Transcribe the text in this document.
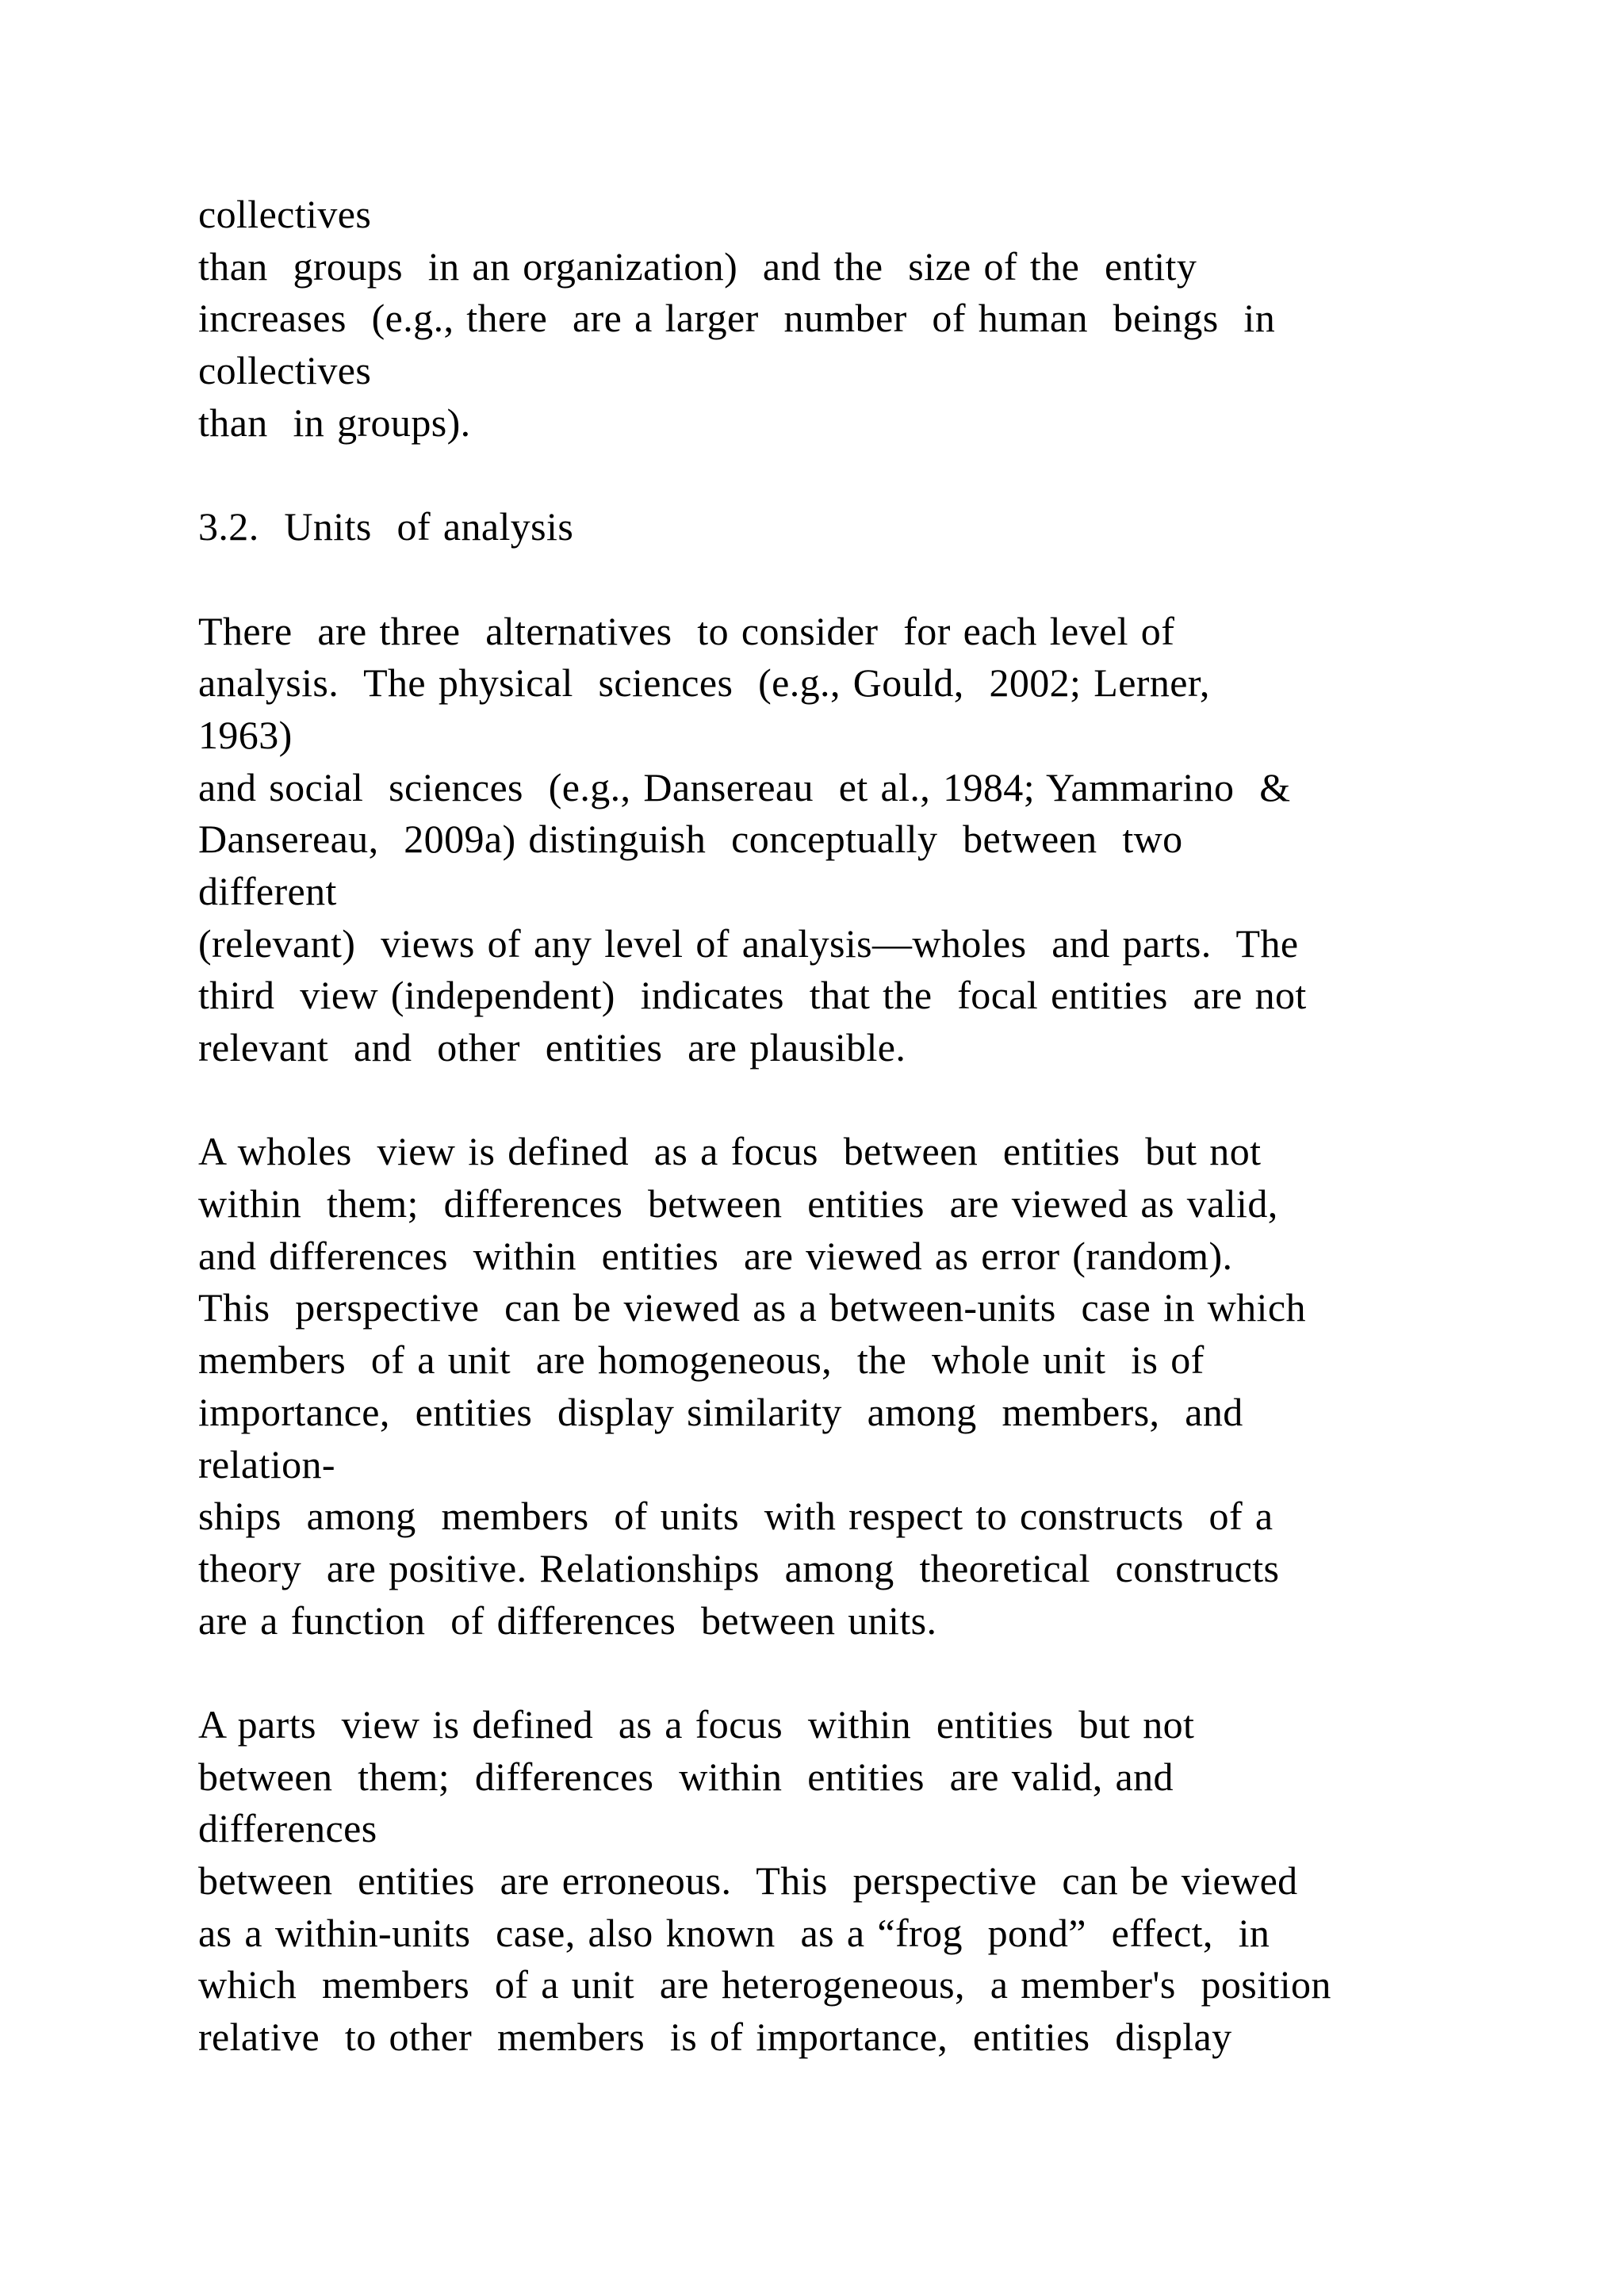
collectives
than  groups  in an organization)  and the  size of the  entity
increases  (e.g., there  are a larger  number  of human  beings  in
collectives
than  in groups).
3.2.  Units  of analysis
There  are three  alternatives  to consider  for each level of
analysis.  The physical  sciences  (e.g., Gould,  2002; Lerner,
1963)
and social  sciences  (e.g., Dansereau  et al., 1984; Yammarino  &
Dansereau,  2009a) distinguish  conceptually  between  two
different
(relevant)  views of any level of analysis—wholes  and parts.  The
third  view (independent)  indicates  that the  focal entities  are not
relevant  and  other  entities  are plausible.
A wholes  view is defined  as a focus  between  entities  but not
within  them;  differences  between  entities  are viewed as valid,
and differences  within  entities  are viewed as error (random).
This  perspective  can be viewed as a between-units  case in which
members  of a unit  are homogeneous,  the  whole unit  is of
importance,  entities  display similarity  among  members,  and
relation-
ships  among  members  of units  with respect to constructs  of a
theory  are positive. Relationships  among  theoretical  constructs
are a function  of differences  between units.
A parts  view is defined  as a focus  within  entities  but not
between  them;  differences  within  entities  are valid, and
differences
between  entities  are erroneous.  This  perspective  can be viewed
as a within-units  case, also known  as a “frog  pond”  effect,  in
which  members  of a unit  are heterogeneous,  a member's  position
relative  to other  members  is of importance,  entities  display
